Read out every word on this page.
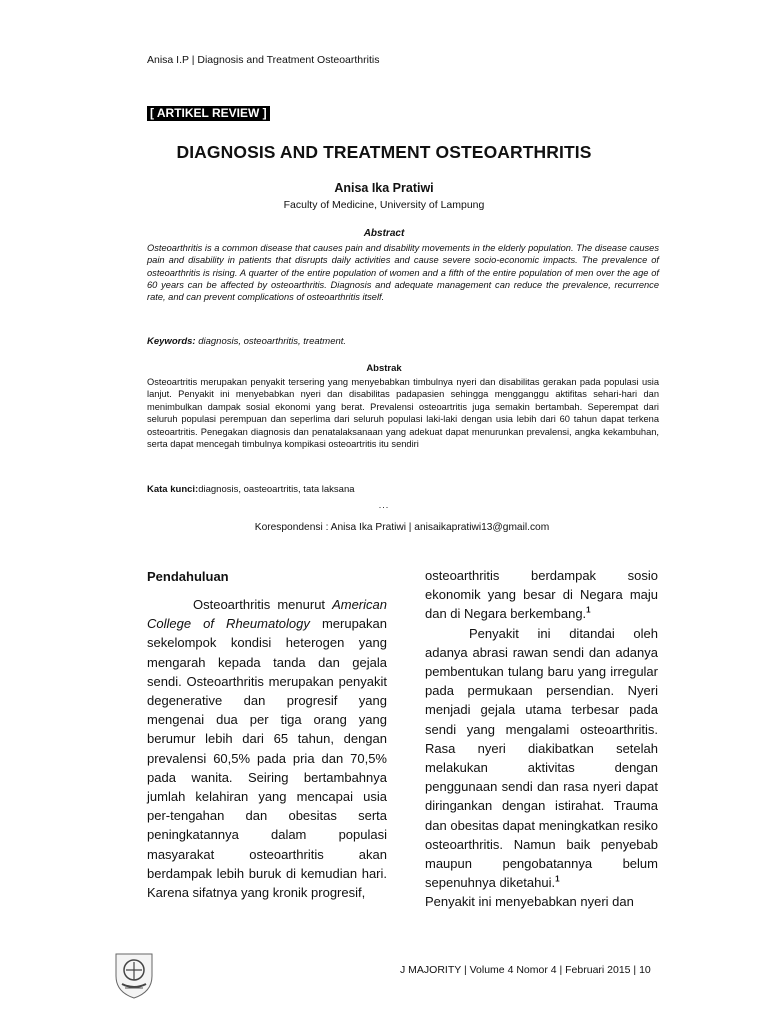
Anisa I.P | Diagnosis and Treatment Osteoarthritis
[ ARTIKEL REVIEW ]
DIAGNOSIS AND TREATMENT OSTEOARTHRITIS
Anisa Ika Pratiwi
Faculty of Medicine, University of Lampung
Abstract
Osteoarthritis is a common disease that causes pain and disability movements in the elderly population. The disease causes pain and disability in patients that disrupts daily activities and cause severe socio-economic impacts. The prevalence of osteoarthritis is rising. A quarter of the entire population of women and a fifth of the entire population of men over the age of 60 years can be affected by osteoarthritis. Diagnosis and adequate management can reduce the prevalence, recurrence rate, and can prevent complications of osteoarthritis itself.
Keywords: diagnosis, osteoarthritis, treatment.
Abstrak
Osteoartritis merupakan penyakit tersering yang menyebabkan timbulnya nyeri dan disabilitas gerakan pada populasi usia lanjut. Penyakit ini menyebabkan nyeri dan disabilitas padapasien sehingga mengganggu aktifitas sehari-hari dan menimbulkan dampak sosial ekonomi yang berat. Prevalensi osteoartritis juga semakin bertambah. Seperempat dari seluruh populasi perempuan dan seperlima dari seluruh populasi laki-laki dengan usia lebih dari 60 tahun dapat terkena osteoartritis. Penegakan diagnosis dan penatalaksanaan yang adekuat dapat menurunkan prevalensi, angka kekambuhan, serta dapat mencegah timbulnya kompikasi osteoartritis itu sendiri
Kata kunci:diagnosis, oasteoartritis, tata laksana
...
Korespondensi : Anisa Ika Pratiwi | anisaikapratiwi13@gmail.com
Pendahuluan

Osteoarthritis menurut American College of Rheumatology merupakan sekelompok kondisi heterogen yang mengarah kepada tanda dan gejala sendi. Osteoarthritis merupakan penyakit degenerative dan progresif yang mengenai dua per tiga orang yang berumur lebih dari 65 tahun, dengan prevalensi 60,5% pada pria dan 70,5% pada wanita. Seiring bertambahnya jumlah kelahiran yang mencapai usia per-tengahan dan obesitas serta peningkatannya dalam populasi masyarakat osteoarthritis akan berdampak lebih buruk di kemudian hari. Karena sifatnya yang kronik progresif,

osteoarthritis berdampak sosio ekonomik yang besar di Negara maju dan di Negara berkembang.$^1$

Penyakit ini ditandai oleh adanya abrasi rawan sendi dan adanya pembentukan tulang baru yang irregular pada permukaan persendian. Nyeri menjadi gejala utama terbesar pada sendi yang mengalami osteoarthritis. Rasa nyeri diakibatkan setelah melakukan aktivitas dengan penggunaan sendi dan rasa nyeri dapat diringankan dengan istirahat. Trauma dan obesitas dapat meningkatkan resiko osteoarthritis. Namun baik penyebab maupun pengobatannya belum sepenuhnya diketahui.$^1$

Penyakit ini menyebabkan nyeri dan

J MAJORITY | Volume 4 Nomor 4 | Februari 2015 | 10
